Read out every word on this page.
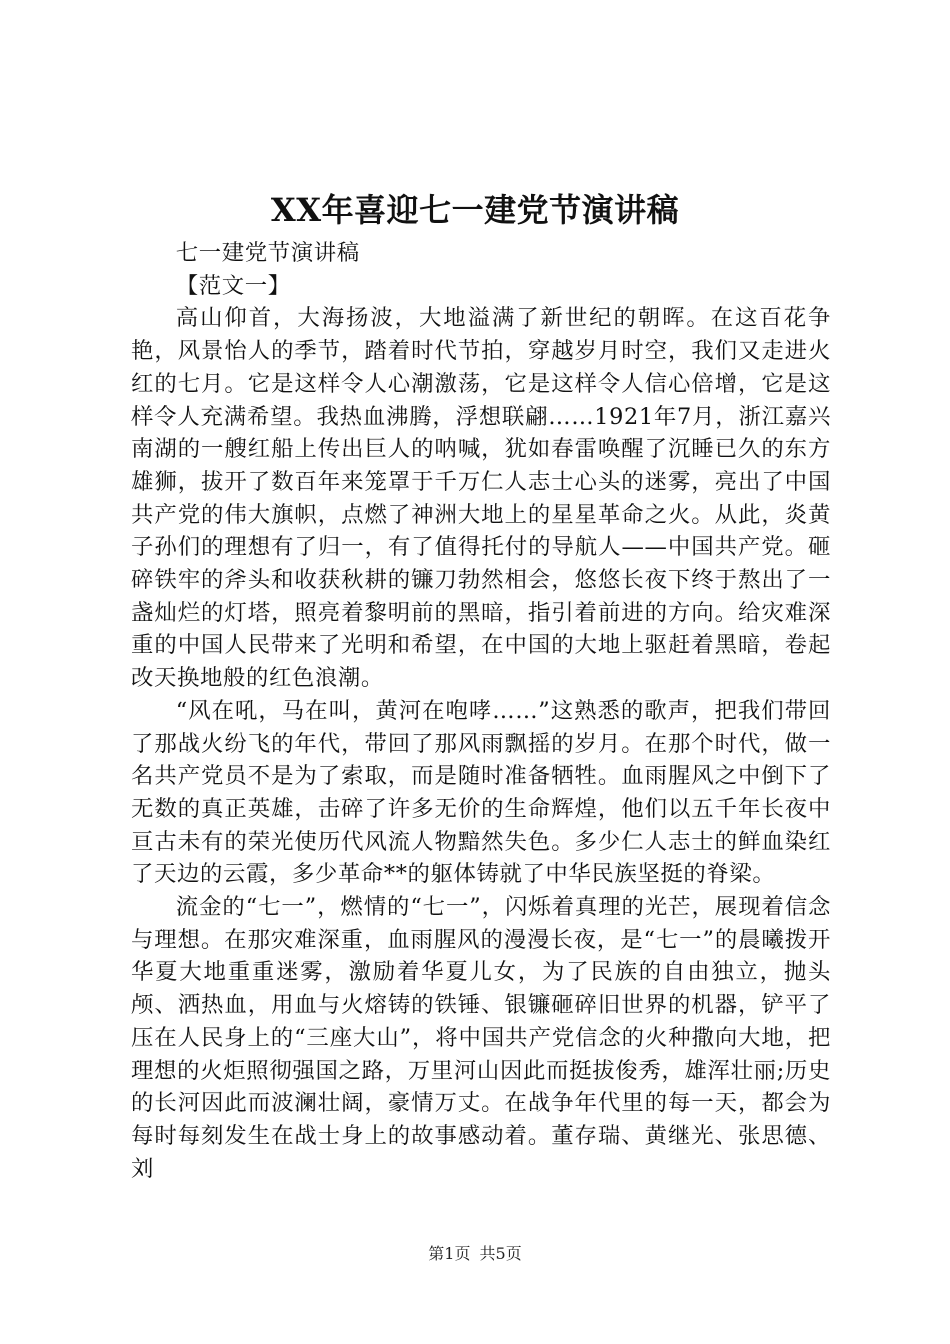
XX年喜迎七一建党节演讲稿

七一建党节演讲稿

【范文一】

高山仰首，大海扬波，大地溢满了新世纪的朝晖。在这百花争艳，风景怡人的季节，踏着时代节拍，穿越岁月时空，我们又走进火红的七月。它是这样令人心潮激荡，它是这样令人信心倍增，它是这样令人充满希望。我热血沸腾，浮想联翩……1921年7月，浙江嘉兴南湖的一艘红船上传出巨人的呐喊，犹如春雷唤醒了沉睡已久的东方雄狮，拔开了数百年来笼罩于千万仁人志士心头的迷雾，亮出了中国共产党的伟大旗帜，点燃了神洲大地上的星星革命之火。从此，炎黄子孙们的理想有了归一，有了值得托付的导航人——中国共产党。砸碎铁牢的斧头和收获秋耕的镰刀勃然相会，悠悠长夜下终于熬出了一盏灿烂的灯塔，照亮着黎明前的黑暗，指引着前进的方向。给灾难深重的中国人民带来了光明和希望，在中国的大地上驱赶着黑暗，卷起改天换地般的红色浪潮。

“风在吼，马在叫，黄河在咆哮……”这熟悉的歌声，把我们带回了那战火纷飞的年代，带回了那风雨飘摇的岁月。在那个时代，做一名共产党员不是为了索取，而是随时准备牺牲。血雨腥风之中倒下了无数的真正英雄，击碎了许多无价的生命辉煌，他们以五千年长夜中亘古未有的荣光使历代风流人物黯然失色。多少仁人志士的鲜血染红了天边的云霞，多少革命**的躯体铸就了中华民族坚挺的脊梁。

流金的“七一”，燃情的“七一”，闪烁着真理的光芒，展现着信念与理想。在那灾难深重，血雨腥风的漫漫长夜，是“七一”的晨曦拨开华夏大地重重迷雾，激励着华夏儿女，为了民族的自由独立，抛头颅、洒热血，用血与火熔铸的铁锤、银镰砸碎旧世界的机器，铲平了压在人民身上的“三座大山”，将中国共产党信念的火种撒向大地，把理想的火炬照彻强国之路，万里河山因此而挺拔俊秀，雄浑壮丽;历史的长河因此而波澜壮阔，豪情万丈。在战争年代里的每一天，都会为每时每刻发生在战士身上的故事感动着。董存瑞、黄继光、张思德、刘

第1页 共5页
